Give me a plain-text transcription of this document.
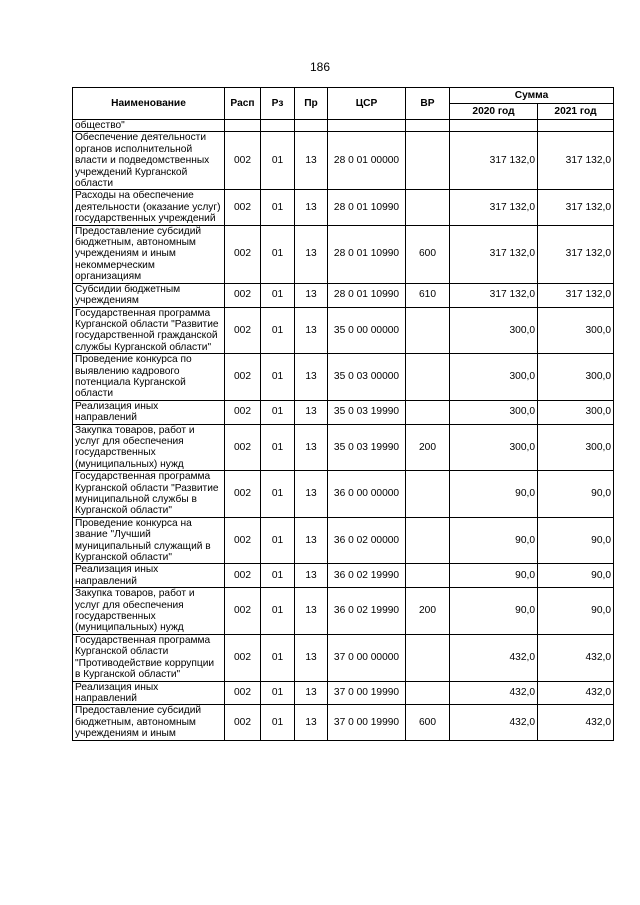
186
Наименование	Расп	Рз	Пр	ЦСР	ВР	Сумма	
						2020 год	2021 год
общество"							
Обеспечение деятельности органов исполнительной власти и подведомственных учреждений Курганской области	002	01	13	28 0 01 00000		317 132,0	317 132,0
Расходы на обеспечение деятельности (оказание услуг) государственных учреждений	002	01	13	28 0 01 10990		317 132,0	317 132,0
Предоставление субсидий бюджетным, автономным учреждениям и иным некоммерческим организациям	002	01	13	28 0 01 10990	600	317 132,0	317 132,0
Субсидии бюджетным учреждениям	002	01	13	28 0 01 10990	610	317 132,0	317 132,0
Государственная программа Курганской области "Развитие государственной гражданской службы Курганской области"	002	01	13	35 0 00 00000		300,0	300,0
Проведение конкурса по выявлению кадрового потенциала Курганской области	002	01	13	35 0 03 00000		300,0	300,0
Реализация иных направлений	002	01	13	35 0 03 19990		300,0	300,0
Закупка товаров, работ и услуг для обеспечения государственных (муниципальных) нужд	002	01	13	35 0 03 19990	200	300,0	300,0
Государственная программа Курганской области "Развитие муниципальной службы в Курганской области"	002	01	13	36 0 00 00000		90,0	90,0
Проведение конкурса на звание "Лучший муниципальный служащий в Курганской области"	002	01	13	36 0 02 00000		90,0	90,0
Реализация иных направлений	002	01	13	36 0 02 19990		90,0	90,0
Закупка товаров, работ и услуг для обеспечения государственных (муниципальных) нужд	002	01	13	36 0 02 19990	200	90,0	90,0
Государственная программа Курганской области "Противодействие коррупции в Курганской области"	002	01	13	37 0 00 00000		432,0	432,0
Реализация иных направлений	002	01	13	37 0 00 19990		432,0	432,0
Предоставление субсидий бюджетным, автономным учреждениям и иным	002	01	13	37 0 00 19990	600	432,0	432,0
